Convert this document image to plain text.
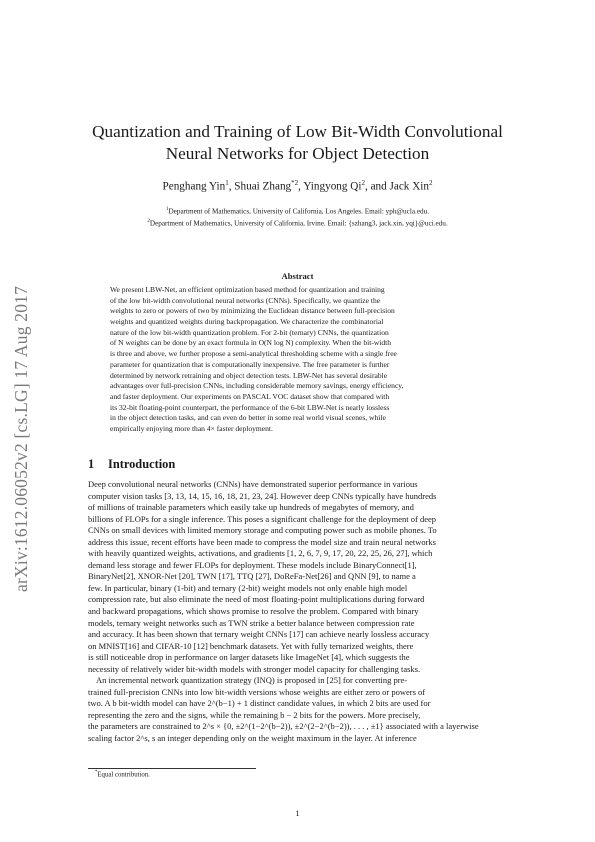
arXiv:1612.06052v2 [cs.LG] 17 Aug 2017
Quantization and Training of Low Bit-Width Convolutional
Neural Networks for Object Detection
Penghang Yin$^1$, Shuai Zhang$^{*2}$, Yingyong Qi$^2$, and Jack Xin$^2$
$^1$Department of Mathematics, University of California, Los Angeles. Email: yph@ucla.edu.
$^2$Department of Mathematics, University of California, Irvine. Email: {szhang3, jack.xin, yqi}@uci.edu.
Abstract
We present LBW-Net, an efficient optimization based method for quantization and training
of the low bit-width convolutional neural networks (CNNs). Specifically, we quantize the
weights to zero or powers of two by minimizing the Euclidean distance between full-precision
weights and quantized weights during backpropagation. We characterize the combinatorial
nature of the low bit-width quantization problem. For 2-bit (ternary) CNNs, the quantization
of N weights can be done by an exact formula in O(N log N) complexity. When the bit-width
is three and above, we further propose a semi-analytical thresholding scheme with a single free
parameter for quantization that is computationally inexpensive. The free parameter is further
determined by network retraining and object detection tests. LBW-Net has several desirable
advantages over full-precision CNNs, including considerable memory savings, energy efficiency,
and faster deployment. Our experiments on PASCAL VOC dataset show that compared with
its 32-bit floating-point counterpart, the performance of the 6-bit LBW-Net is nearly lossless
in the object detection tasks, and can even do better in some real world visual scenes, while
empirically enjoying more than 4× faster deployment.
1 Introduction
Deep convolutional neural networks (CNNs) have demonstrated superior performance in various
computer vision tasks [3, 13, 14, 15, 16, 18, 21, 23, 24]. However deep CNNs typically have hundreds
of millions of trainable parameters which easily take up hundreds of megabytes of memory, and
billions of FLOPs for a single inference. This poses a significant challenge for the deployment of deep
CNNs on small devices with limited memory storage and computing power such as mobile phones. To
address this issue, recent efforts have been made to compress the model size and train neural networks
with heavily quantized weights, activations, and gradients [1, 2, 6, 7, 9, 17, 20, 22, 25, 26, 27], which
demand less storage and fewer FLOPs for deployment. These models include BinaryConnect[1],
BinaryNet[2], XNOR-Net [20], TWN [17], TTQ [27], DoReFa-Net[26] and QNN [9], to name a
few. In particular, binary (1-bit) and ternary (2-bit) weight models not only enable high model
compression rate, but also eliminate the need of most floating-point multiplications during forward
and backward propagations, which shows promise to resolve the problem. Compared with binary
models, ternary weight networks such as TWN strike a better balance between compression rate
and accuracy. It has been shown that ternary weight CNNs [17] can achieve nearly lossless accuracy
on MNIST[16] and CIFAR-10 [12] benchmark datasets. Yet with fully ternarized weights, there
is still noticeable drop in performance on larger datasets like ImageNet [4], which suggests the
necessity of relatively wider bit-width models with stronger model capacity for challenging tasks.
An incremental network quantization strategy (INQ) is proposed in [25] for converting pre-
trained full-precision CNNs into low bit-width versions whose weights are either zero or powers of
two. A b bit-width model can have 2^(b−1) + 1 distinct candidate values, in which 2 bits are used for
representing the zero and the signs, while the remaining b − 2 bits for the powers. More precisely,
the parameters are constrained to 2^s × {0, ±2^(1−2^(b−2)), ±2^(2−2^(b−2)), . . . , ±1} associated with a layerwise
scaling factor 2^s, s an integer depending only on the weight maximum in the layer. At inference
*Equal contribution.
1
